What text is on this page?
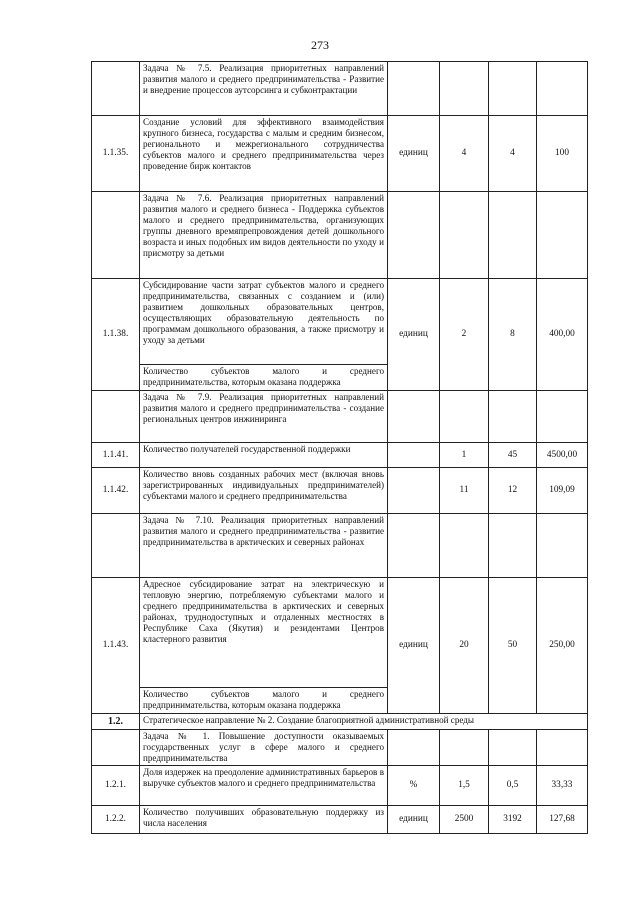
273
	Задача № 7.5. Реализация приоритетных направлений развития малого и среднего предпринимательства - Развитие и внедрение процессов аутсорсинга и субконтрактации				
1.1.35.	Создание условий для эффективного взаимодействия крупного бизнеса, государства с малым и средним бизнесом, региональното и межрегионального сотрудничества субъектов малого и среднего предпринимательства через проведение бирж контактов	единиц	4	4	100
	Задача № 7.6. Реализация приоритетных направлений развития малого и среднего бизнеса - Поддержка субъектов малого и среднего предпринимательства, организующих группы дневного времяпрепровождения детей дошкольного возраста и иных подобных им видов деятельности по уходу и присмотру за детьми				
1.1.38.	Субсидирование части затрат субъектов малого и среднего предпринимательства, связанных с созданием и (или) развитием дошкольных образовательных центров, осуществляющих образовательную деятельность по программам дошкольного образования, а также присмотру и уходу за детьми	единиц	2	8	400,00
	Количество субъектов малого и среднего предпринимательства, которым оказана поддержка				
	Задача № 7.9. Реализация приоритетных направлений развития малого и среднего предпринимательства - создание региональных центров инжиниринга				
1.1.41.	Количество получателей государственной поддержки		1	45	4500,00
1.1.42.	Количество вновь созданных рабочих мест (включая вновь зарегистрированных индивидуальных предпринимателей) субъектами малого и среднего предпринимательства		11	12	109,09
	Задача № 7.10. Реализация приоритетных направлений развития малого и среднего предпринимательства - развитие предпринимательства в арктических и северных районах				
1.1.43.	Адресное субсидирование затрат на электрическую и тепловую энергию, потребляемую субъектами малого и среднего предпринимательства в арктических и северных районах, труднодоступных и отдаленных местностях в Республике Саха (Якутия) и резидентами Центров кластерного развития	единиц	20	50	250,00
	Количество субъектов малого и среднего предпринимательства, которым оказана поддержка				
1.2.	Стратегическое направление № 2. Создание благоприятной административной среды				
	Задача № 1. Повышение доступности оказываемых государственных услуг в сфере малого и среднего предпринимательства				
1.2.1.	Доля издержек на преодоление административных барьеров в выручке субъектов малого и среднего предпринимательства	%	1,5	0,5	33,33
1.2.2.	Количество получивших образовательную поддержку из числа населения	единиц	2500	3192	127,68
